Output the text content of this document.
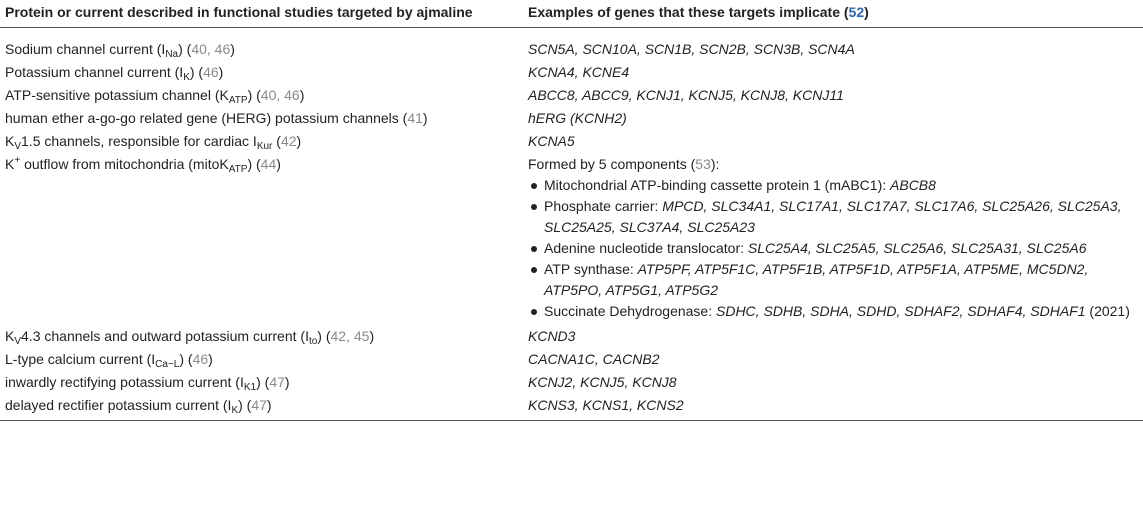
Protein or current described in functional studies targeted by ajmaline	Examples of genes that these targets implicate (52)
Sodium channel current $(I_{Na})$ (40, 46)	SCN5A, SCN10A, SCN1B, SCN2B, SCN3B, SCN4A
Potassium channel current $(I_K)$ (46)	KCNA4, KCNE4
ATP-sensitive potassium channel $(K_{ATP})$ (40, 46)	ABCC8, ABCC9, KCNJ1, KCNJ5, KCNJ8, KCNJ11
human ether a-go-go related gene (HERG) potassium channels (41)	hERG (KCNH2)
$K_V1.5$ channels, responsible for cardiac $I_{Kur}$ (42)	KCNA5
K+ outflow from mitochondria (mitoK$_{ATP}$) (44)	Formed by 5 components (53):
Mitochondrial ATP-binding cassette protein 1 (mABC1): ABCB8
Phosphate carrier: MPCD, SLC34A1, SLC17A1, SLC17A7, SLC17A6, SLC25A26, SLC25A3, SLC25A25, SLC37A4, SLC25A23
Adenine nucleotide translocator: SLC25A4, SLC25A5, SLC25A6, SLC25A31, SLC25A6
ATP synthase: ATP5PF, ATP5F1C, ATP5F1B, ATP5F1D, ATP5F1A, ATP5ME, MC5DN2, ATP5PO, ATP5G1, ATP5G2
Succinate Dehydrogenase: SDHC, SDHB, SDHA, SDHD, SDHAF2, SDHAF4, SDHAF1 (2021)
$K_V4.3$ channels and outward potassium current $(I_{to})$ (42, 45)	KCND3
L-type calcium current $(I_{Ca-L})$ (46)	CACNA1C, CACNB2
inwardly rectifying potassium current $(I_{K1})$ (47)	KCNJ2, KCNJ5, KCNJ8
delayed rectifier potassium current $(I_K)$ (47)	KCNS3, KCNS1, KCNS2
